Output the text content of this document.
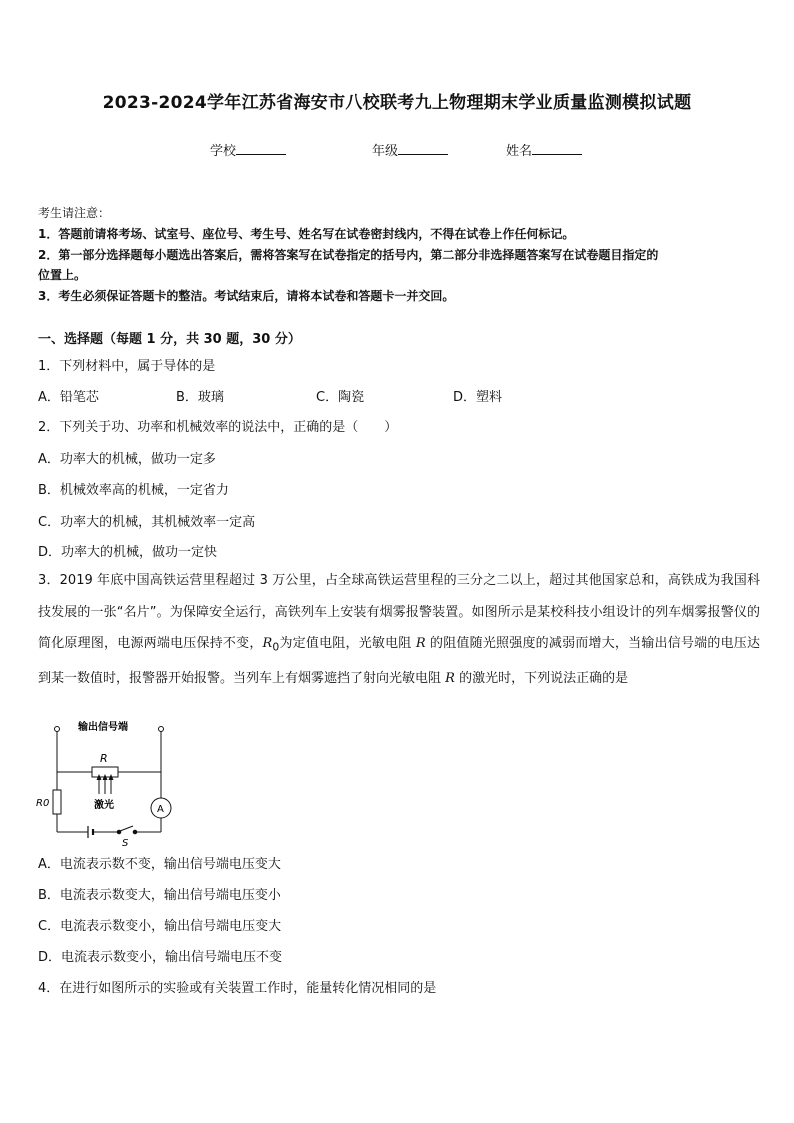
2023-2024学年江苏省海安市八校联考九上物理期末学业质量监测模拟试题
学校	年级	姓名
考生请注意：
1．答题前请将考场、试室号、座位号、考生号、姓名写在试卷密封线内，不得在试卷上作任何标记。
2．第一部分选择题每小题选出答案后，需将答案写在试卷指定的括号内，第二部分非选择题答案写在试卷题目指定的
位置上。
3．考生必须保证答题卡的整洁。考试结束后，请将本试卷和答题卡一并交回。
一、选择题（每题 1 分，共 30 题，30 分）
1．下列材料中，属于导体的是
A．铅笔芯	B．玻璃	C．陶瓷	D．塑料
2．下列关于功、功率和机械效率的说法中，正确的是（　　）
A．功率大的机械，做功一定多
B．机械效率高的机械，一定省力
C．功率大的机械，其机械效率一定高
D．功率大的机械，做功一定快
3．2019 年底中国高铁运营里程超过 3 万公里，占全球高铁运营里程的三分之二以上，超过其他国家总和，高铁成为我国科技发展的一张“名片”。为保障安全运行，高铁列车上安装有烟雾报警装置。如图所示是某校科技小组设计的列车烟雾报警仪的简化原理图，电源两端电压保持不变，$R_0$为定值电阻，光敏电阻 R 的阻值随光照强度的减弱而增大，当输出信号端的电压达到某一数值时，报警器开始报警。当列车上有烟雾遮挡了射向光敏电阻 R 的激光时，下列说法正确的是
输出信号端
R
激光
R0
A
S
A．电流表示数不变，输出信号端电压变大
B．电流表示数变大，输出信号端电压变小
C．电流表示数变小，输出信号端电压变大
D．电流表示数变小，输出信号端电压不变
4．在进行如图所示的实验或有关装置工作时，能量转化情况相同的是
